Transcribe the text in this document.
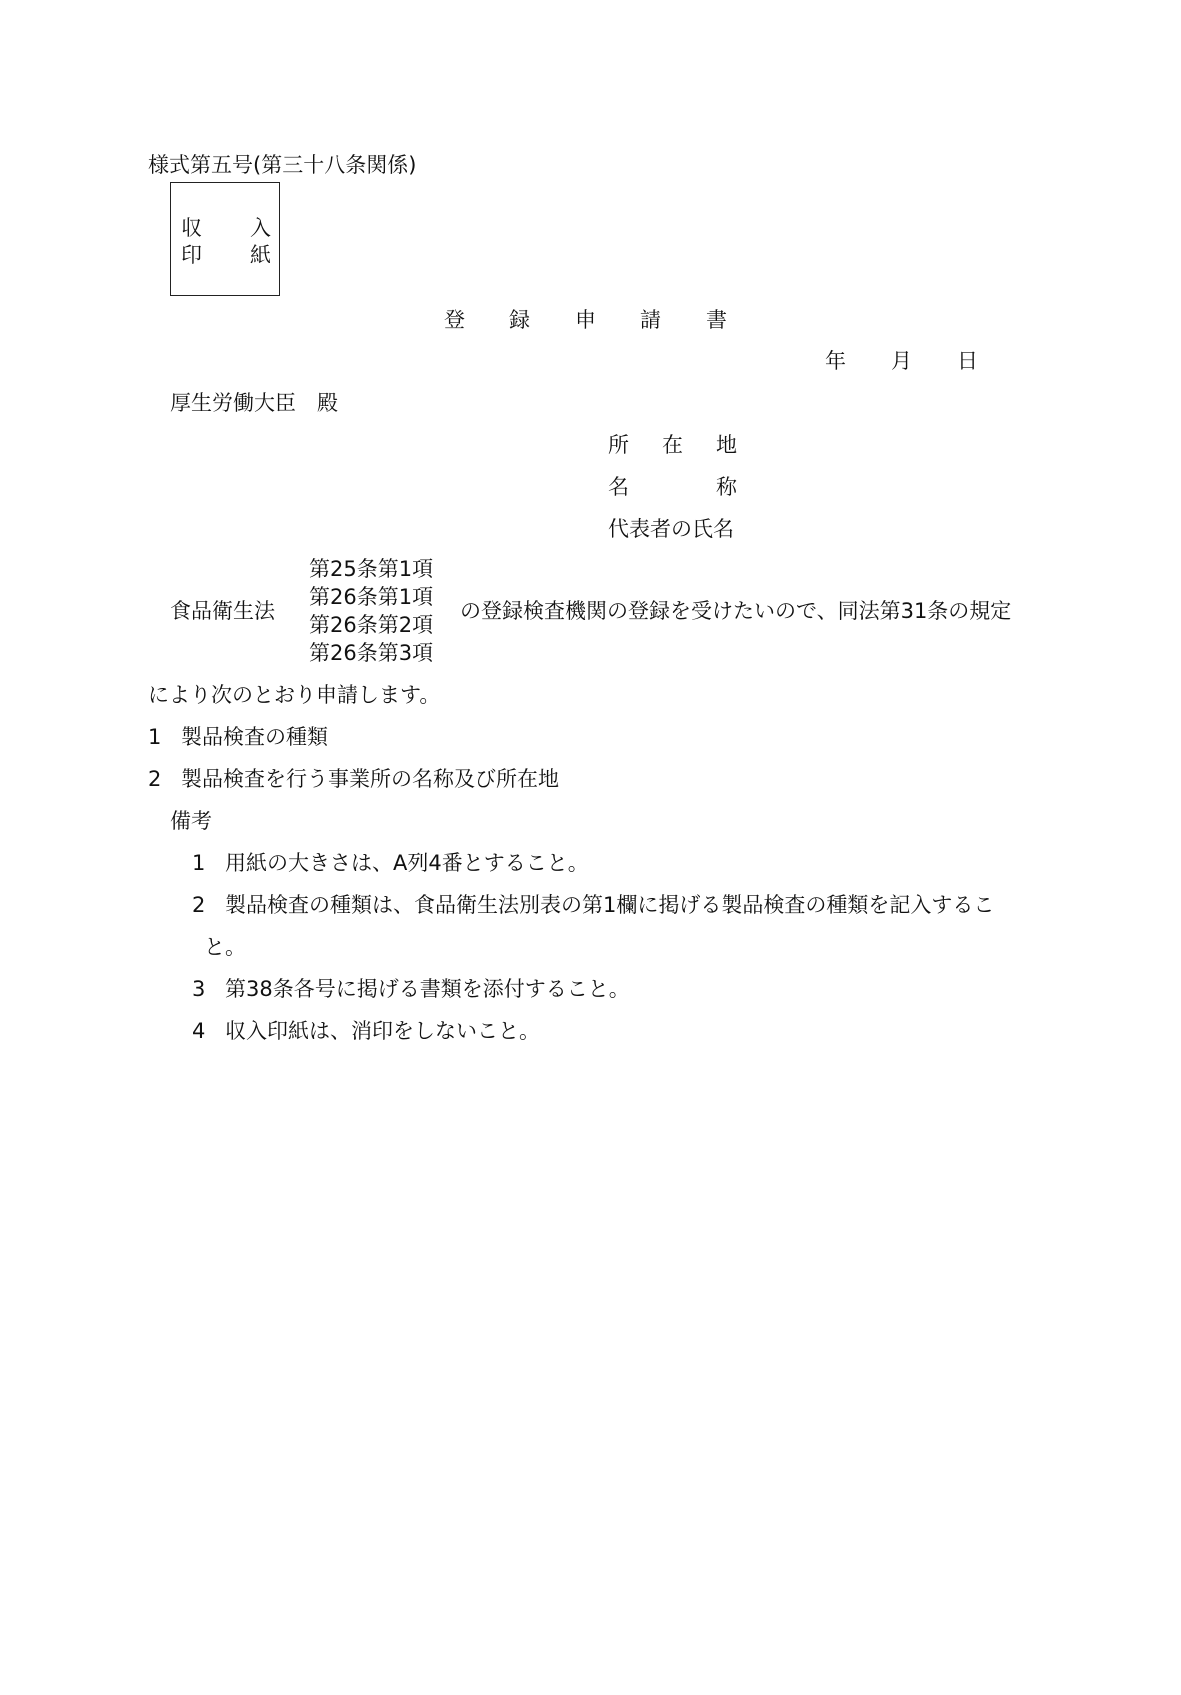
様式第五号(第三十八条関係)
収 入
印 紙
登 録 申 請 書
年 月 日
厚生労働大臣　殿
所 在 地
名	称
代表者の氏名
食品衛生法
第25条第1項
第26条第1項
第26条第2項
第26条第3項
の登録検査機関の登録を受けたいので、同法第31条の規定
により次のとおり申請します。
1 製品検査の種類
2 製品検査を行う事業所の名称及び所在地
備考
1 用紙の大きさは、A列4番とすること。
2 製品検査の種類は、食品衛生法別表の第1欄に掲げる製品検査の種類を記入するこ
と。
3 第38条各号に掲げる書類を添付すること。
4 収入印紙は、消印をしないこと。
